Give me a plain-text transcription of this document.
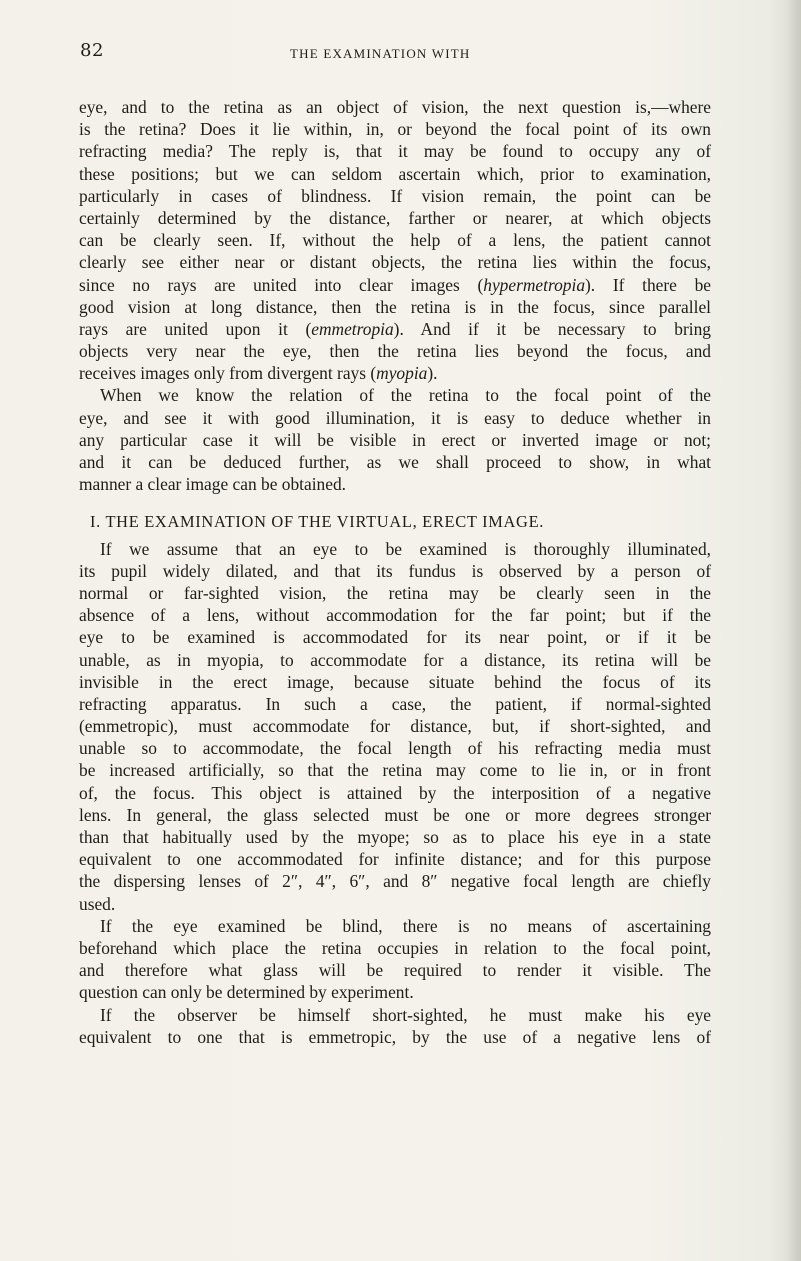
82	THE EXAMINATION WITH
eye, and to the retina as an object of vision, the next question is,—where
is the retina? Does it lie within, in, or beyond the focal point of its own
refracting media? The reply is, that it may be found to occupy any of
these positions; but we can seldom ascertain which, prior to examination,
particularly in cases of blindness. If vision remain, the point can be
certainly determined by the distance, farther or nearer, at which objects
can be clearly seen. If, without the help of a lens, the patient cannot
clearly see either near or distant objects, the retina lies within the focus,
since no rays are united into clear images (hypermetropia). If there be
good vision at long distance, then the retina is in the focus, since parallel
rays are united upon it (emmetropia). And if it be necessary to bring
objects very near the eye, then the retina lies beyond the focus, and
receives images only from divergent rays (myopia).
When we know the relation of the retina to the focal point of the
eye, and see it with good illumination, it is easy to deduce whether in
any particular case it will be visible in erect or inverted image or not;
and it can be deduced further, as we shall proceed to show, in what
manner a clear image can be obtained.
I. THE EXAMINATION OF THE VIRTUAL, ERECT IMAGE.
If we assume that an eye to be examined is thoroughly illuminated,
its pupil widely dilated, and that its fundus is observed by a person of
normal or far-sighted vision, the retina may be clearly seen in the
absence of a lens, without accommodation for the far point; but if the
eye to be examined is accommodated for its near point, or if it be
unable, as in myopia, to accommodate for a distance, its retina will be
invisible in the erect image, because situate behind the focus of its
refracting apparatus. In such a case, the patient, if normal-sighted
(emmetropic), must accommodate for distance, but, if short-sighted, and
unable so to accommodate, the focal length of his refracting media must
be increased artificially, so that the retina may come to lie in, or in front
of, the focus. This object is attained by the interposition of a negative
lens. In general, the glass selected must be one or more degrees stronger
than that habitually used by the myope; so as to place his eye in a state
equivalent to one accommodated for infinite distance; and for this purpose
the dispersing lenses of 2″, 4″, 6″, and 8″ negative focal length are chiefly
used.
If the eye examined be blind, there is no means of ascertaining
beforehand which place the retina occupies in relation to the focal point,
and therefore what glass will be required to render it visible. The
question can only be determined by experiment.
If the observer be himself short-sighted, he must make his eye
equivalent to one that is emmetropic, by the use of a negative lens of
